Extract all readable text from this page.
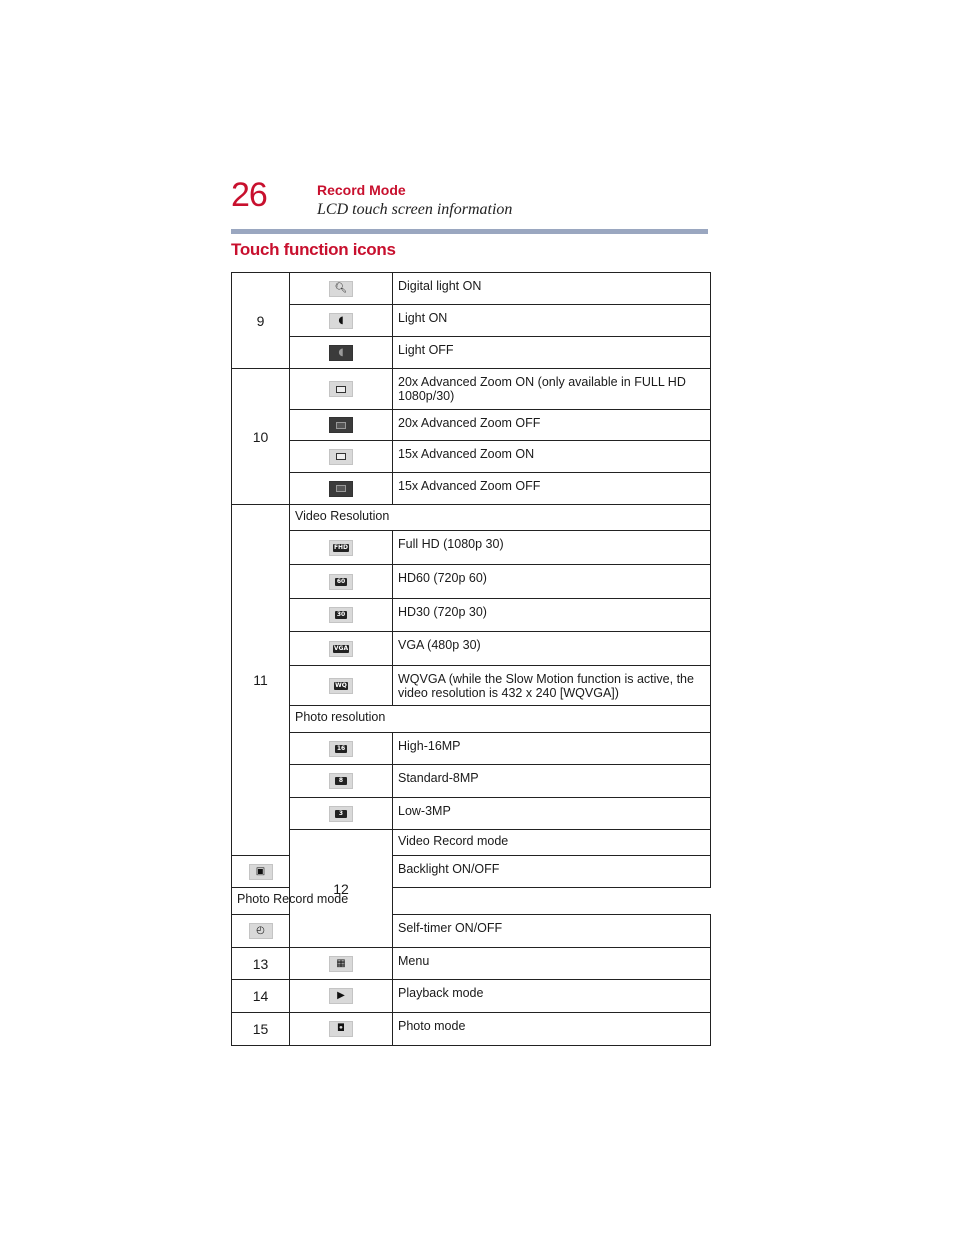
26	Record Mode
LCD touch screen information
Touch function icons
9	🔍︎	Digital light ON

◖	Light ON

◖	Light OFF
10		20x Advanced Zoom ON (only available in FULL HD 1080p/30)

		20x Advanced Zoom OFF

		15x Advanced Zoom ON

		15x Advanced Zoom OFF
11	Video Resolution	

	FHD	Full HD (1080p 30)

	60	HD60 (720p 60)

	30	HD30 (720p 30)

	VGA	VGA (480p 30)

	WQ	WQVGA (while the Slow Motion function is active, the video resolution is 432 x 240 [WQVGA])
	Photo resolution	

	16	High-16MP

	8	Standard-8MP

	3	Low-3MP
	12	Video Record mode

▣		Backlight ON/OFF
Photo Record mode		

◴		Self-timer ON/OFF
13	▦	Menu
14	▶	Playback mode
15	◘	Photo mode
